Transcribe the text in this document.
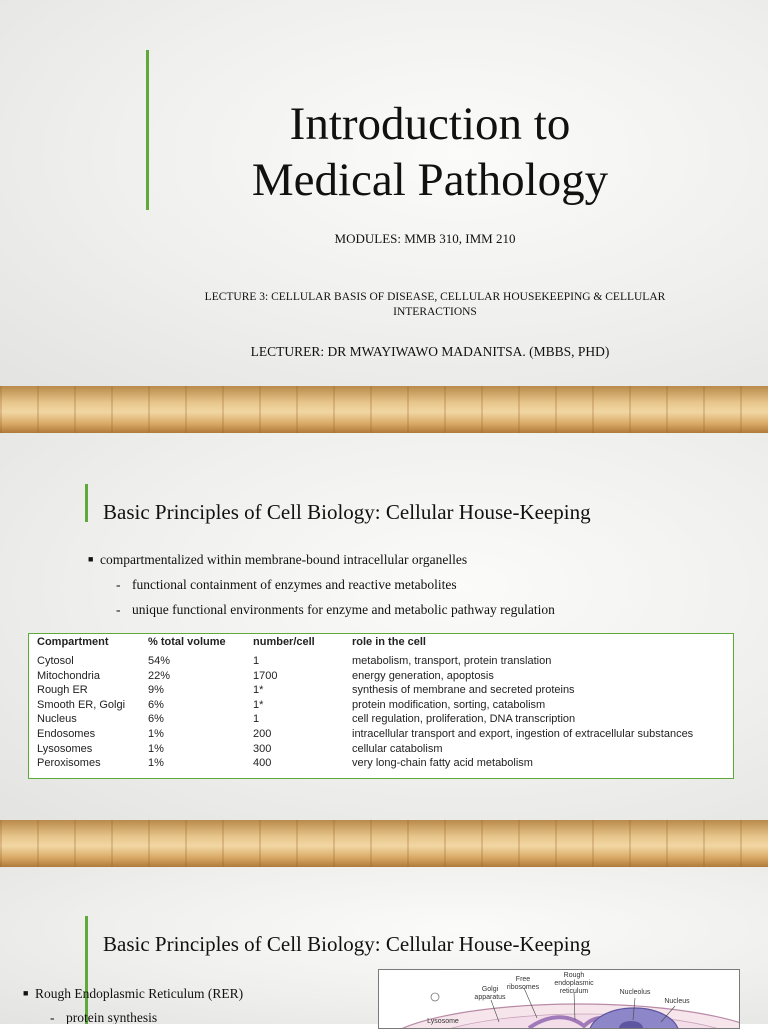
Introduction to
Medical Pathology
MODULES: MMB 310, IMM 210
LECTURE 3: CELLULAR BASIS OF DISEASE, CELLULAR HOUSEKEEPING & CELLULAR INTERACTIONS
LECTURER: DR MWAYIWAWO MADANITSA. (MBBS, PHD)
Basic Principles of Cell Biology: Cellular House-Keeping
■ compartmentalized within membrane-bound intracellular organelles
- functional containment of enzymes and reactive metabolites
- unique functional environments for enzyme and metabolic pathway regulation
Compartment	% total volume	number/cell	role in the cell
Cytosol	54%	1	metabolism, transport, protein translation
Mitochondria	22%	1700	energy generation, apoptosis
Rough ER	9%	1*	synthesis of membrane and secreted proteins
Smooth ER, Golgi	6%	1*	protein modification, sorting, catabolism
Nucleus	6%	1	cell regulation, proliferation, DNA transcription
Endosomes	1%	200	intracellular transport and export, ingestion of extracellular substances
Lysosomes	1%	300	cellular catabolism
Peroxisomes	1%	400	very long-chain fatty acid metabolism
Basic Principles of Cell Biology: Cellular House-Keeping
■ Rough Endoplasmic Reticulum (RER)
- protein synthesis
Free ribosomes
Rough endoplasmic reticulum
Golgi apparatus
Nucleolus
Nucleus
Lysosome
